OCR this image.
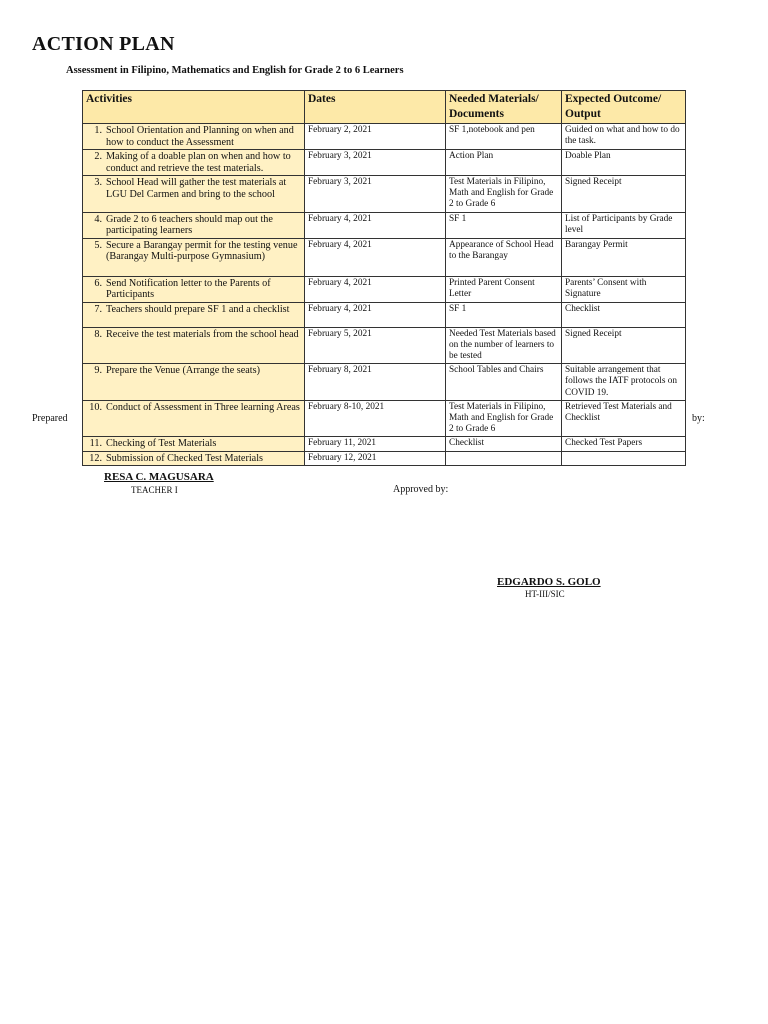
ACTION PLAN

Assessment in Filipino, Mathematics and English for Grade 2 to 6 Learners

Activities	Dates	Needed Materials/ Documents	Expected Outcome/ Output

1. School Orientation and Planning on when and how to conduct the Assessment	February 2, 2021	SF 1,notebook and pen	Guided on what and how to do the task.

2. Making of a doable plan on when and how to conduct and retrieve the test materials.	February 3, 2021	Action Plan	Doable Plan

3. School Head will gather the test materials at LGU Del Carmen and bring to the school	February 3, 2021	Test Materials in Filipino, Math and English for Grade 2 to Grade 6	Signed Receipt

4. Grade 2 to 6 teachers should map out the participating learners	February 4, 2021	SF 1	List of Participants by Grade level

5. Secure a Barangay permit for the testing venue (Barangay Multi-purpose Gymnasium)	February 4, 2021	Appearance of School Head to the Barangay	Barangay Permit

6. Send Notification letter to the Parents of Participants	February 4, 2021	Printed Parent Consent Letter	Parents’ Consent with Signature

7. Teachers should prepare SF 1 and a checklist	February 4, 2021	SF 1	Checklist

8. Receive the test materials from the school head	February 5, 2021	Needed Test Materials based on the number of learners to be tested	Signed Receipt

9. Prepare the Venue (Arrange the seats)	February 8, 2021	School Tables and Chairs	Suitable arrangement that follows the IATF protocols on COVID 19.

10. Conduct of Assessment in Three learning Areas	February 8-10, 2021	Test Materials in Filipino, Math and English for Grade 2 to Grade 6	Retrieved Test Materials and Checklist

11. Checking of Test Materials	February 11, 2021	Checklist	Checked Test Papers

12. Submission of Checked Test Materials	February 12, 2021		
Prepared	by:
RESA C. MAGUSARA
TEACHER I	Approved by:
EDGARDO S. GOLO
HT-III/SIC
